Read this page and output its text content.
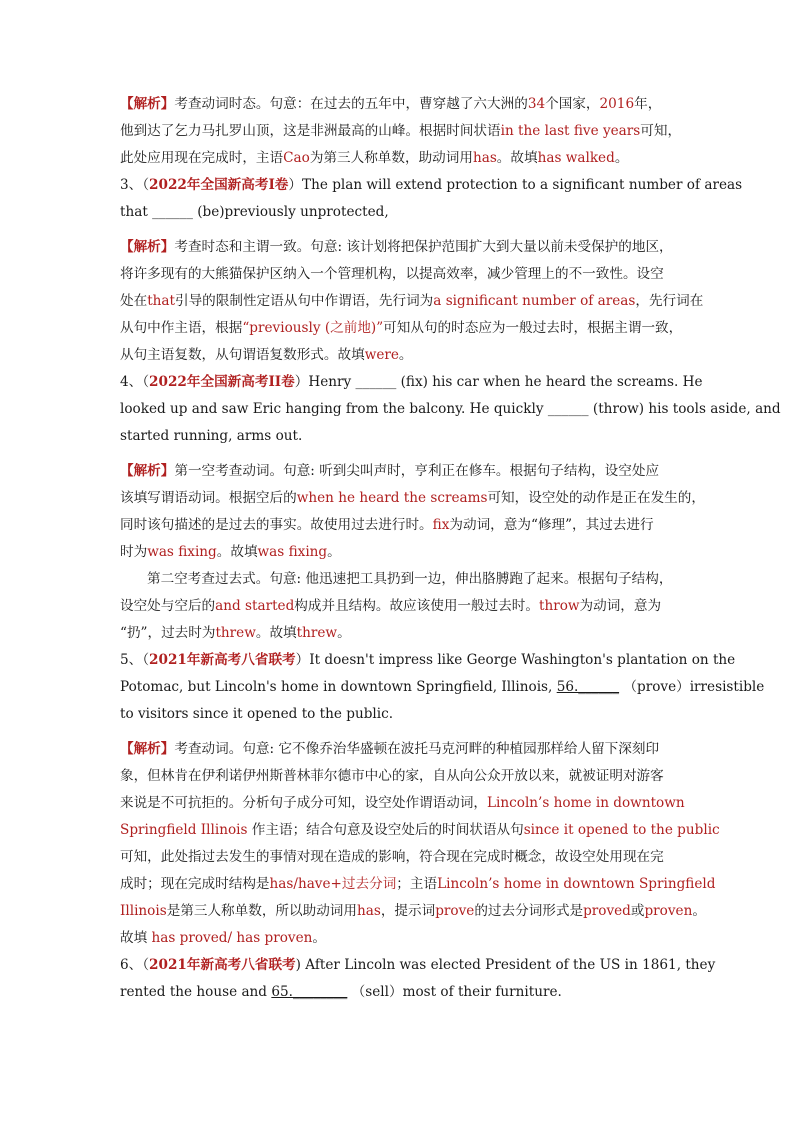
【解析】考查动词时态。句意：在过去的五年中，曹穿越了六大洲的34个国家，2016年，

他到达了乞力马扎罗山顶，这是非洲最高的山峰。根据时间状语in the last five years可知，

此处应用现在完成时，主语Cao为第三人称单数，助动词用has。故填has walked。

3、（2022年全国新高考I卷）The plan will extend protection to a significant number of areas

that ______ (be)previously unprotected,

【解析】考查时态和主谓一致。句意: 该计划将把保护范围扩大到大量以前未受保护的地区，

将许多现有的大熊猫保护区纳入一个管理机构，以提高效率，减少管理上的不一致性。设空

处在that引导的限制性定语从句中作谓语，先行词为a significant number of areas，先行词在

从句中作主语，根据“previously (之前地)”可知从句的时态应为一般过去时，根据主谓一致，

从句主语复数，从句谓语复数形式。故填were。

4、（2022年全国新高考II卷）Henry ______ (fix) his car when he heard the screams. He

looked up and saw Eric hanging from the balcony. He quickly ______ (throw) his tools aside, and

started running, arms out.

【解析】第一空考查动词。句意: 听到尖叫声时，亨利正在修车。根据句子结构，设空处应

该填写谓语动词。根据空后的when he heard the screams可知，设空处的动作是正在发生的，

同时该句描述的是过去的事实。故使用过去进行时。fix为动词，意为“修理”，其过去进行

时为was fixing。故填was fixing。

第二空考查过去式。句意: 他迅速把工具扔到一边，伸出胳膊跑了起来。根据句子结构，

设空处与空后的and started构成并且结构。故应该使用一般过去时。throw为动词，意为

“扔”，过去时为threw。故填threw。

5、（2021年新高考八省联考）It doesn't impress like George Washington's plantation on the

Potomac, but Lincoln's home in downtown Springfield, Illinois, 56.______ （prove）irresistible

to visitors since it opened to the public.

【解析】考查动词。句意: 它不像乔治华盛顿在波托马克河畔的种植园那样给人留下深刻印

象，但林肯在伊利诺伊州斯普林菲尔德市中心的家，自从向公众开放以来，就被证明对游客

来说是不可抗拒的。分析句子成分可知，设空处作谓语动词，Lincoln’s home in downtown

Springfield Illinois 作主语；结合句意及设空处后的时间状语从句since it opened to the public

可知，此处指过去发生的事情对现在造成的影响，符合现在完成时概念，故设空处用现在完

成时；现在完成时结构是has/have+过去分词；主语Lincoln’s home in downtown Springfield

Illinois是第三人称单数，所以助动词用has，提示词prove的过去分词形式是proved或proven。

故填 has proved/ has proven。

6、（2021年新高考八省联考) After Lincoln was elected President of the US in 1861, they

rented the house and 65.________ （sell）most of their furniture.
